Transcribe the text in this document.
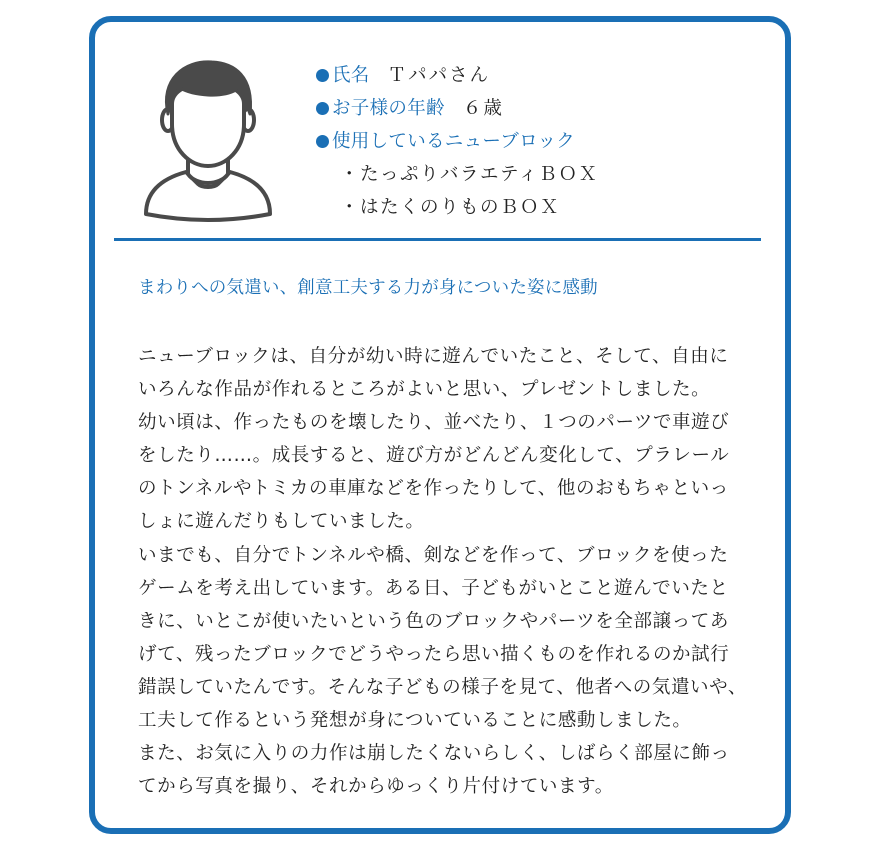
氏名 Ｔパパさん
お子様の年齢 ６歳
使用しているニューブロック
・たっぷりバラエティＢＯＸ
・はたくのりものＢＯＸ
まわりへの気遣い、創意工夫する力が身についた姿に感動
ニューブロックは、自分が幼い時に遊んでいたこと、そして、自由に
いろんな作品が作れるところがよいと思い、プレゼントしました。
幼い頃は、作ったものを壊したり、並べたり、１つのパーツで車遊び
をしたり……。成長すると、遊び方がどんどん変化して、プラレール
のトンネルやトミカの車庫などを作ったりして、他のおもちゃといっ
しょに遊んだりもしていました。
いまでも、自分でトンネルや橋、剣などを作って、ブロックを使った
ゲームを考え出しています。ある日、子どもがいとこと遊んでいたと
きに、いとこが使いたいという色のブロックやパーツを全部譲ってあ
げて、残ったブロックでどうやったら思い描くものを作れるのか試行
錯誤していたんです。そんな子どもの様子を見て、他者への気遣いや、
工夫して作るという発想が身についていることに感動しました。
また、お気に入りの力作は崩したくないらしく、しばらく部屋に飾っ
てから写真を撮り、それからゆっくり片付けています。
